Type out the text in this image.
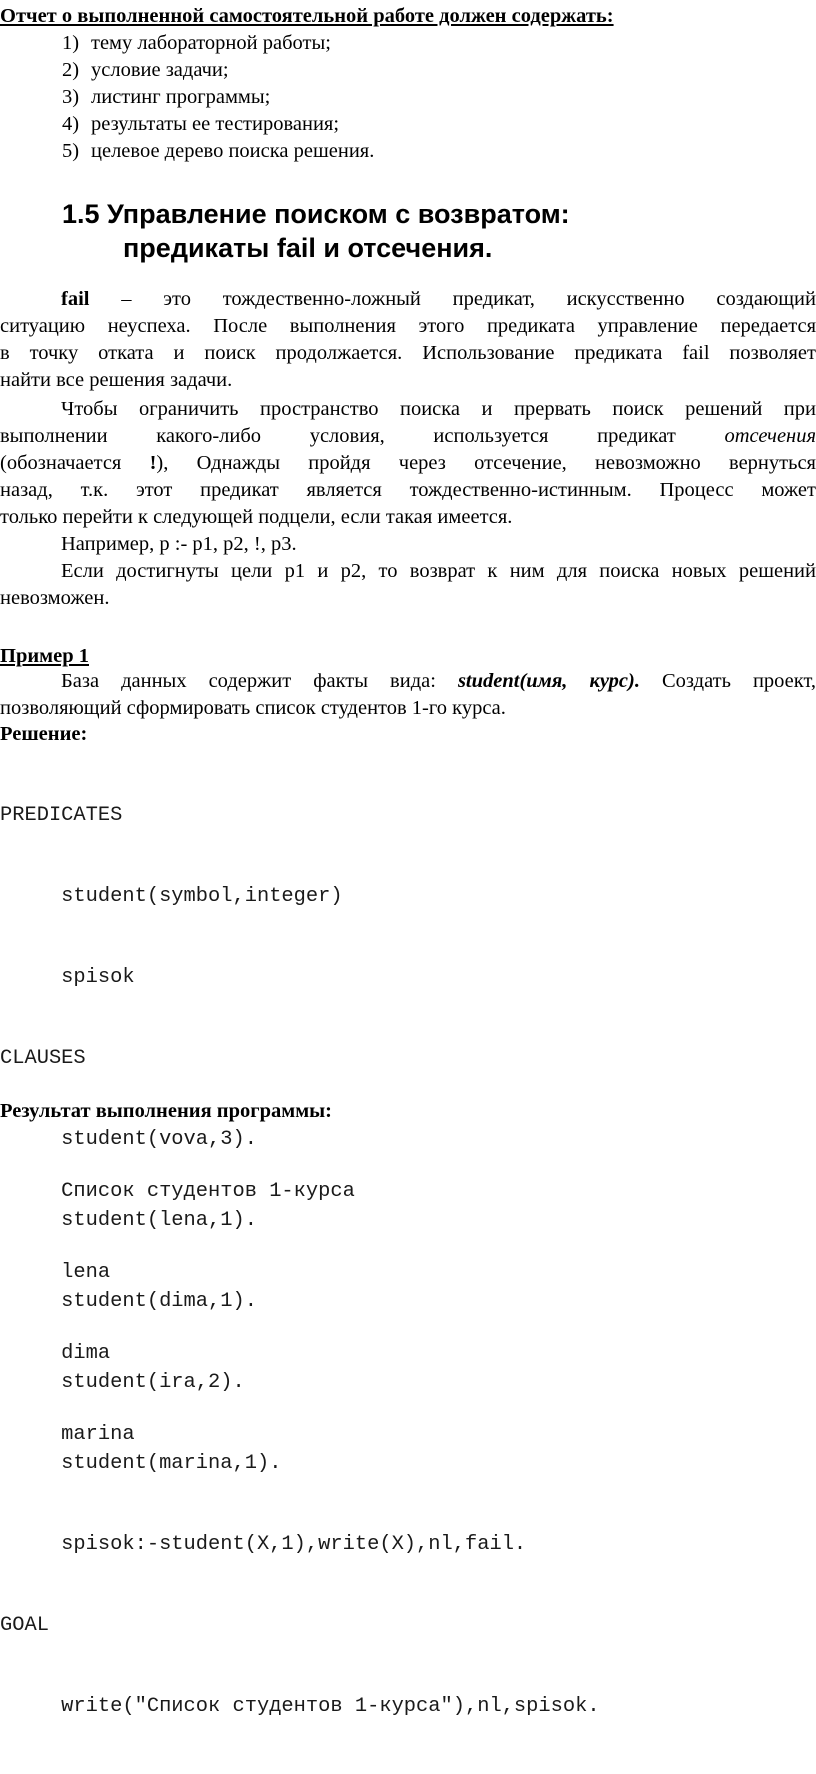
Отчет о выполненной самостоятельной работе должен содержать:
1) тему лабораторной работы;
2) условие задачи;
3) листинг программы;
4) результаты ее тестирования;
5) целевое дерево поиска решения.
1.5 Управление поиском с возвратом:
предикаты fail и отсечения.
fail – это тождественно-ложный предикат, искусственно создающий
ситуацию неуспеха. После выполнения этого предиката управление передается
в точку отката и поиск продолжается. Использование предиката fail позволяет
найти все решения задачи.
Чтобы ограничить пространство поиска и прервать поиск решений при
выполнении какого-либо условия, используется предикат отсечения
(обозначается !), Однажды пройдя через отсечение, невозможно вернуться
назад, т.к. этот предикат является тождественно-истинным. Процесс может
только перейти к следующей подцели, если такая имеется.
Например, p :- p1, p2, !, p3.
Если достигнуты цели p1 и p2, то возврат к ним для поиска новых решений
невозможен.
Пример 1
База данных содержит факты вида: student(имя, курс). Создать проект,
позволяющий сформировать список студентов 1-го курса.
Решение:

PREDICATES

student(symbol,integer)

spisok

CLAUSES

student(vova,3).

student(lena,1).

student(dima,1).

student(ira,2).

student(marina,1).

spisok:-student(X,1),write(X),nl,fail.

GOAL

write("Список студентов 1-курса"),nl,spisok.

Результат выполнения программы:

Список студентов 1-курса

lena

dima

marina
